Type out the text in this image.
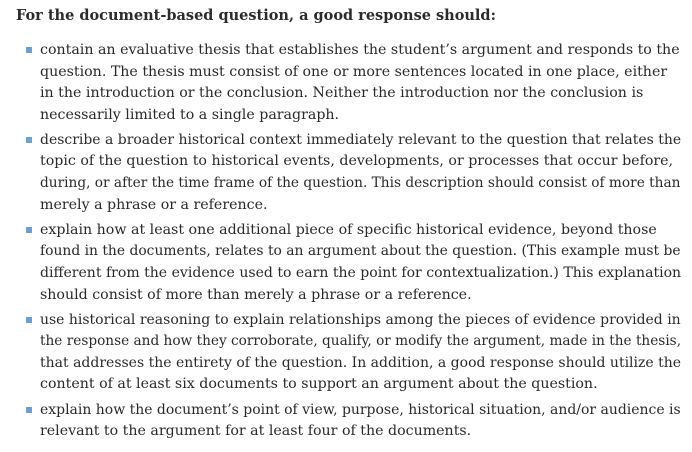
For the document-based question, a good response should:

contain an evaluative thesis that establishes the student’s argument and responds to the
question. The thesis must consist of one or more sentences located in one place, either
in the introduction or the conclusion. Neither the introduction nor the conclusion is
necessarily limited to a single paragraph.
describe a broader historical context immediately relevant to the question that relates the
topic of the question to historical events, developments, or processes that occur before,
during, or after the time frame of the question. This description should consist of more than
merely a phrase or a reference.
explain how at least one additional piece of specific historical evidence, beyond those
found in the documents, relates to an argument about the question. (This example must be
different from the evidence used to earn the point for contextualization.) This explanation
should consist of more than merely a phrase or a reference.
use historical reasoning to explain relationships among the pieces of evidence provided in
the response and how they corroborate, qualify, or modify the argument, made in the thesis,
that addresses the entirety of the question. In addition, a good response should utilize the
content of at least six documents to support an argument about the question.
explain how the document’s point of view, purpose, historical situation, and/or audience is
relevant to the argument for at least four of the documents.
